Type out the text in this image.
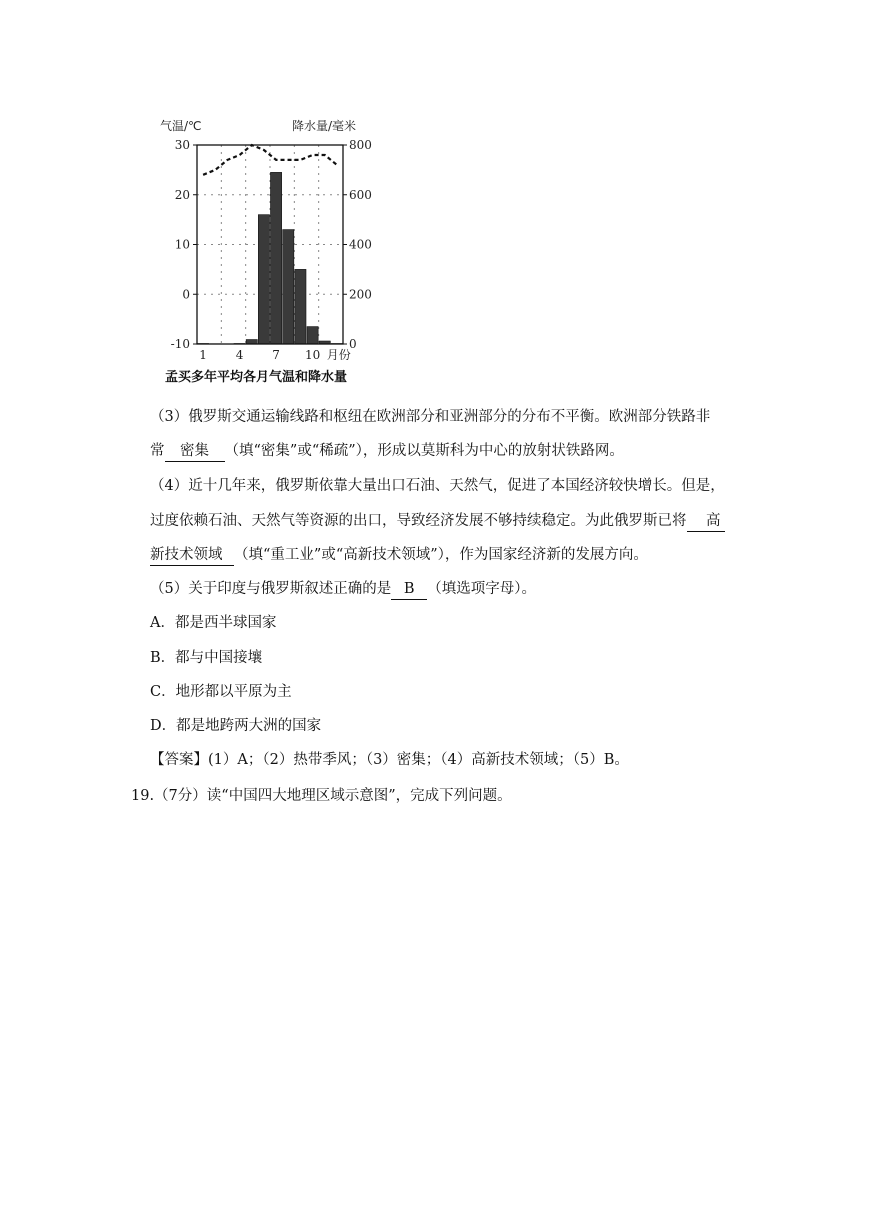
气温/℃	降水量/毫米
孟买多年平均各月气温和降水量
30
20
10
0
-10
800
600
400
200
0
1 4 7 10 月份
（3）俄罗斯交通运输线路和枢纽在欧洲部分和亚洲部分的分布不平衡。欧洲部分铁路非
常 密集 （填“密集”或“稀疏”），形成以莫斯科为中心的放射状铁路网。
（4）近十几年来，俄罗斯依靠大量出口石油、天然气，促进了本国经济较快增长。但是，
过度依赖石油、天然气等资源的出口，导致经济发展不够持续稳定。为此俄罗斯已将 高
新技术领域 （填“重工业”或“高新技术领域”），作为国家经济新的发展方向。
（5）关于印度与俄罗斯叙述正确的是 B （填选项字母）。
A．都是西半球国家
B．都与中国接壤
C．地形都以平原为主
D．都是地跨两大洲的国家
【答案】(1）A；（2）热带季风；（3）密集；（4）高新技术领域；（5）B。
19.（7分）读“中国四大地理区域示意图”，完成下列问题。
